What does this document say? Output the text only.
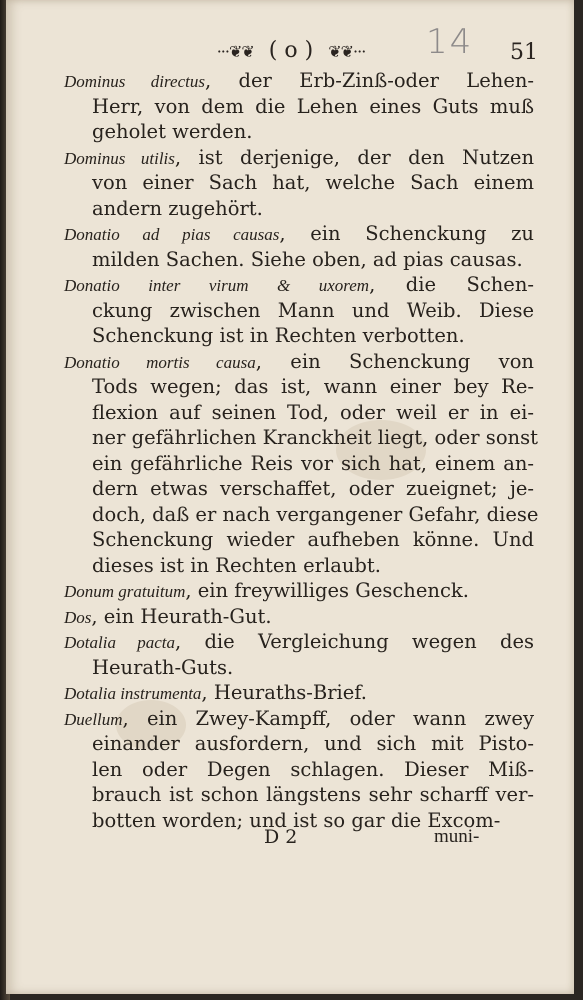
···❦❦ ( o ) ❦❦···	14 51
Dominus directus, der Erb-Zinß-oder Lehen-
Herr, von dem die Lehen eines Guts muß
geholet werden.
Dominus utilis, ist derjenige, der den Nutzen
von einer Sach hat, welche Sach einem
andern zugehört.
Donatio ad pias causas, ein Schenckung zu
milden Sachen. Siehe oben, ad pias causas.
Donatio inter virum & uxorem, die Schen-
ckung zwischen Mann und Weib. Diese
Schenckung ist in Rechten verbotten.
Donatio mortis causa, ein Schenckung von
Tods wegen; das ist, wann einer bey Re-
flexion auf seinen Tod, oder weil er in ei-
ner gefährlichen Kranckheit liegt, oder sonst
ein gefährliche Reis vor sich hat, einem an-
dern etwas verschaffet, oder zueignet; je-
doch, daß er nach vergangener Gefahr, diese
Schenckung wieder aufheben könne. Und
dieses ist in Rechten erlaubt.
Donum gratuitum, ein freywilliges Geschenck.
Dos, ein Heurath-Gut.
Dotalia pacta, die Vergleichung wegen des
Heurath-Guts.
Dotalia instrumenta, Heuraths-Brief.
Duellum, ein Zwey-Kampff, oder wann zwey
einander ausfordern, und sich mit Pisto-
len oder Degen schlagen. Dieser Miß-
brauch ist schon längstens sehr scharff ver-
botten worden; und ist so gar die Excom-
D 2	muni-
